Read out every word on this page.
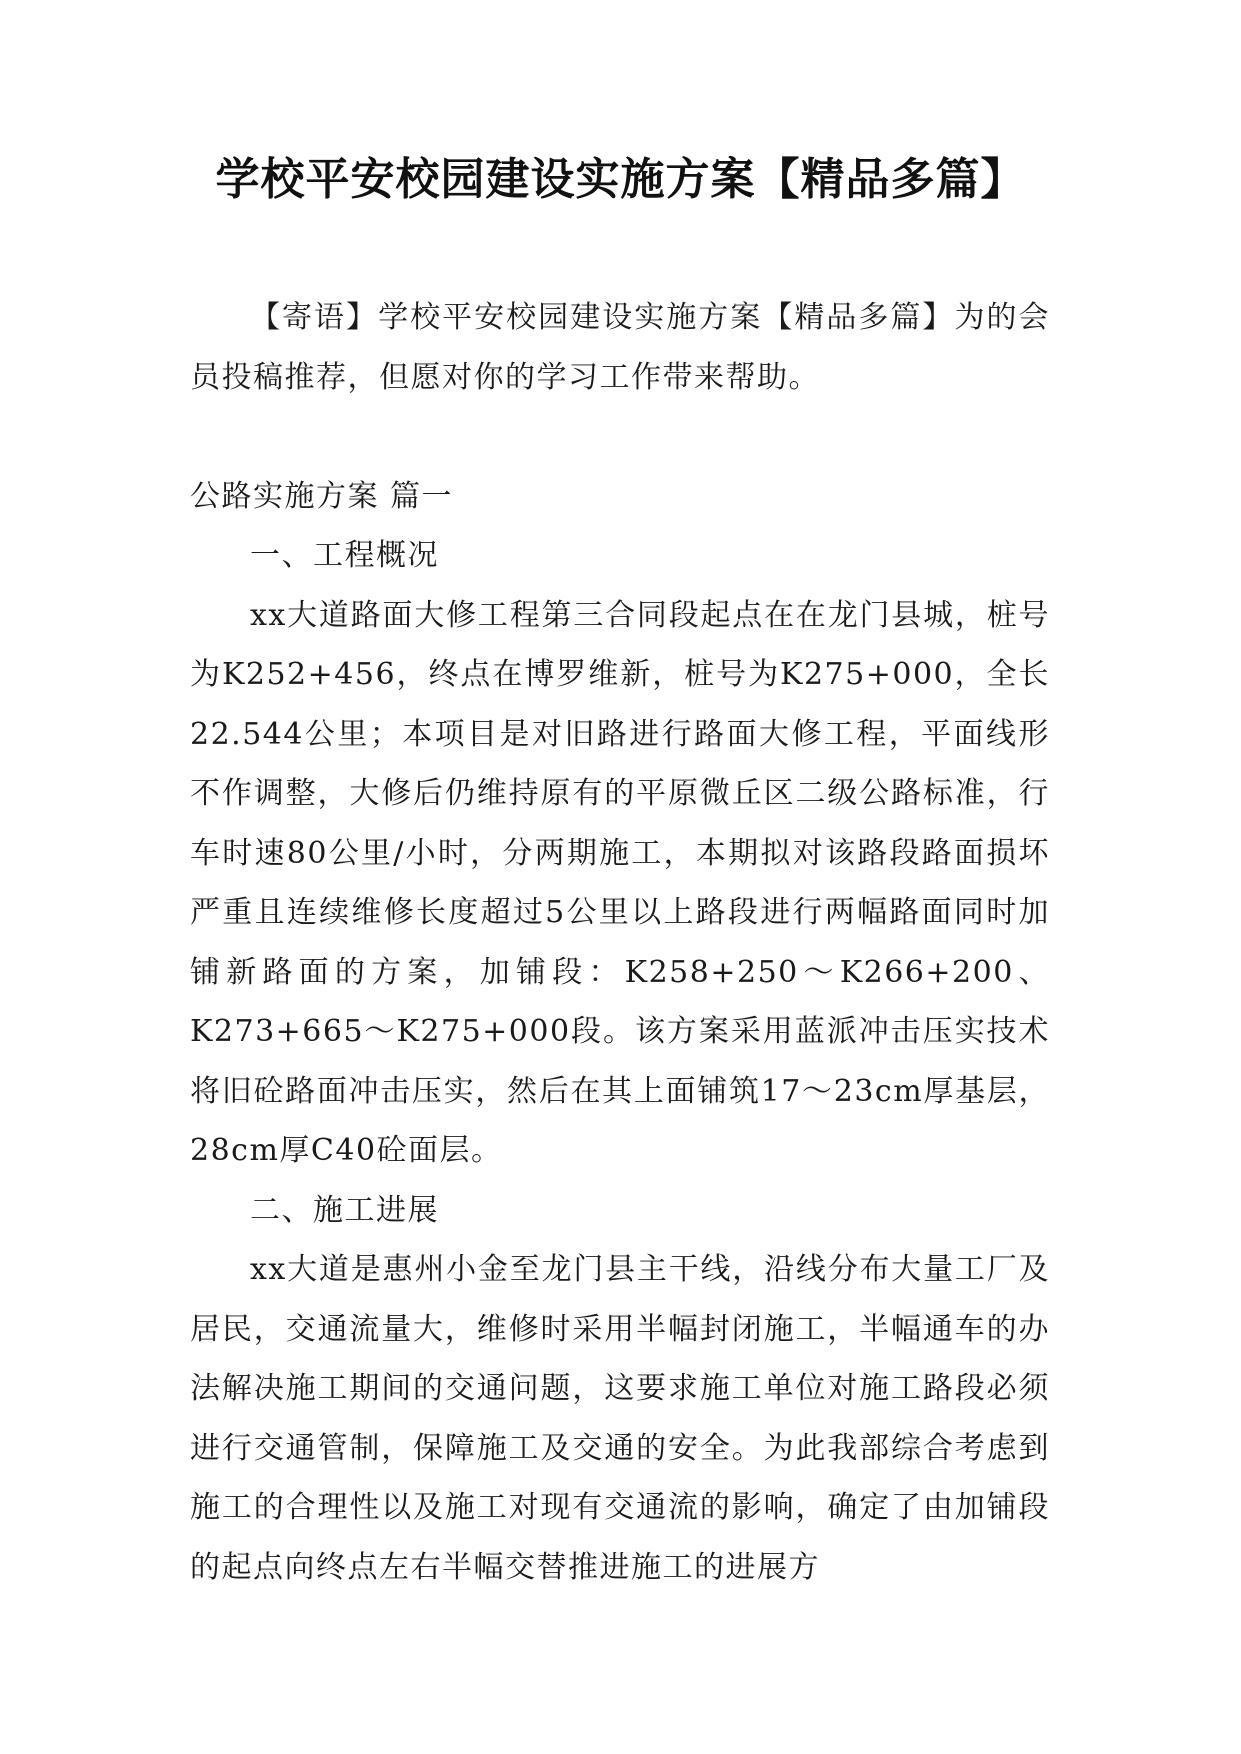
学校平安校园建设实施方案【精品多篇】

【寄语】学校平安校园建设实施方案【精品多篇】为的会员投稿推荐，但愿对你的学习工作带来帮助。

公路实施方案 篇一

一、工程概况

xx大道路面大修工程第三合同段起点在在龙门县城，桩号为K252+456，终点在博罗维新，桩号为K275+000，全长22.544公里；本项目是对旧路进行路面大修工程，平面线形不作调整，大修后仍维持原有的平原微丘区二级公路标准，行车时速80公里/小时，分两期施工，本期拟对该路段路面损坏严重且连续维修长度超过5公里以上路段进行两幅路面同时加铺新路面的方案，加铺段：K258+250～K266+200、K273+665～K275+000段。该方案采用蓝派冲击压实技术将旧砼路面冲击压实，然后在其上面铺筑17～23cm厚基层，28cm厚C40砼面层。

二、施工进展

xx大道是惠州小金至龙门县主干线，沿线分布大量工厂及居民，交通流量大，维修时采用半幅封闭施工，半幅通车的办法解决施工期间的交通问题，这要求施工单位对施工路段必须进行交通管制，保障施工及交通的安全。为此我部综合考虑到施工的合理性以及施工对现有交通流的影响，确定了由加铺段的起点向终点左右半幅交替推进施工的进展方
